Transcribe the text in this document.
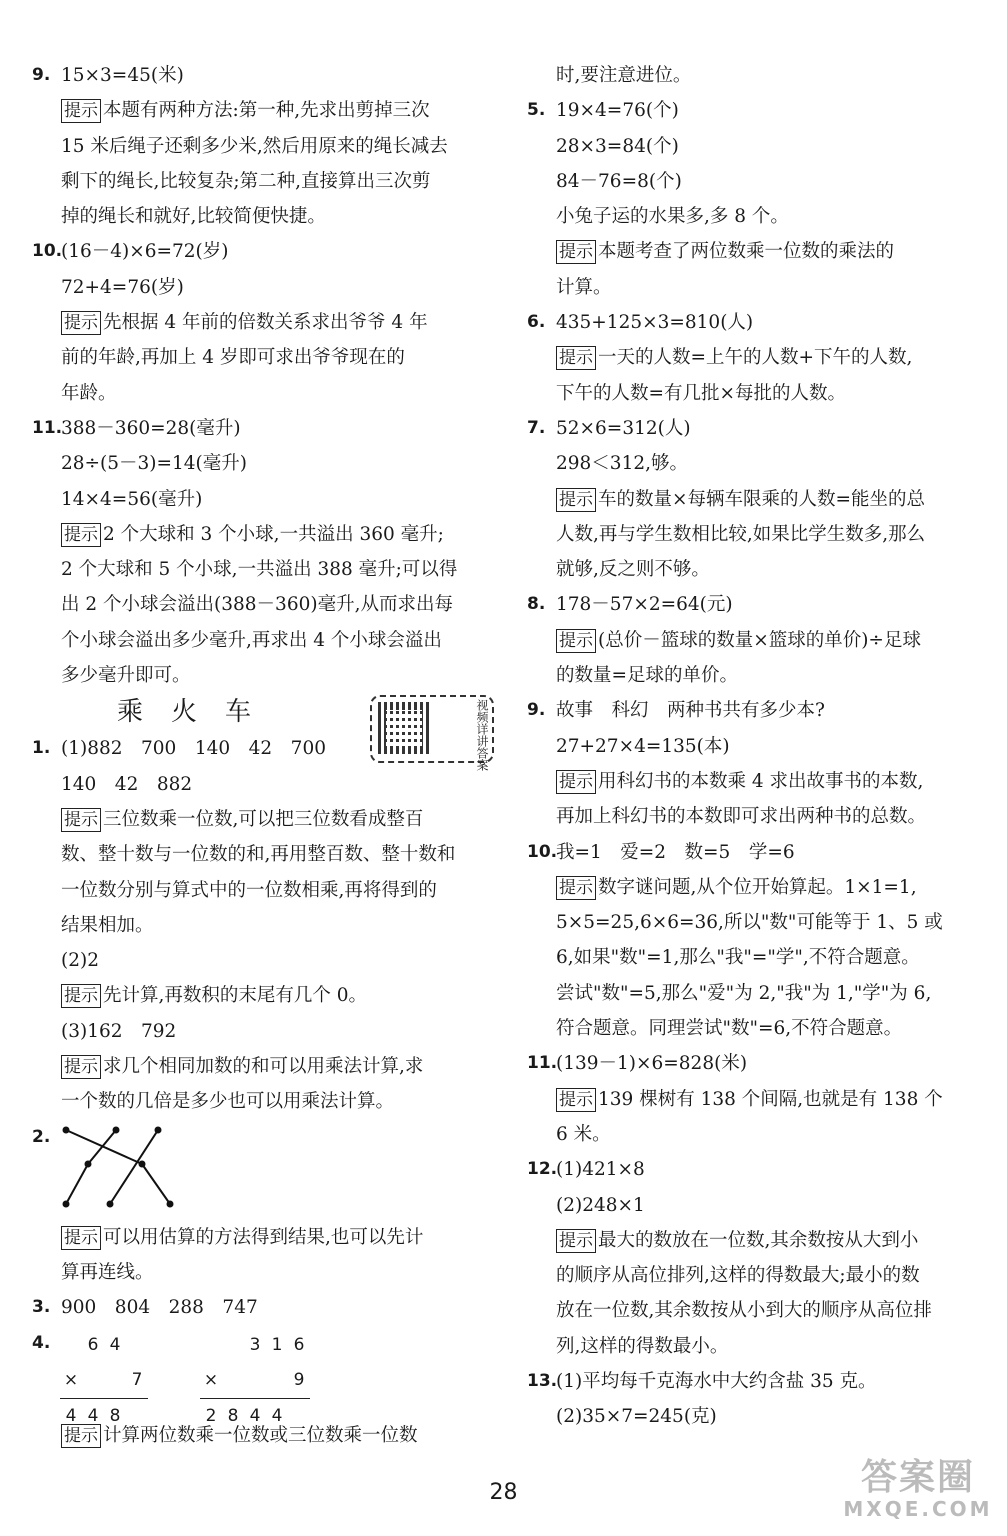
9. 15×3=45(米)
提示 本题有两种方法:第一种,先求出剪掉三次
15 米后绳子还剩多少米,然后用原来的绳长减去
剩下的绳长,比较复杂;第二种,直接算出三次剪
掉的绳长和就好,比较简便快捷。
10.
(16－4)×6=72(岁)
72+4=76(岁)
提示 先根据 4 年前的倍数关系求出爷爷 4 年
前的年龄,再加上 4 岁即可求出爷爷现在的
年龄。
11.
388－360=28(毫升)
28÷(5－3)=14(毫升)
14×4=56(毫升)
提示 2 个大球和 3 个小球,一共溢出 360 毫升;
2 个大球和 5 个小球,一共溢出 388 毫升;可以得
出 2 个小球会溢出(388－360)毫升,从而求出每
个小球会溢出多少毫升,再求出 4 个小球会溢出
多少毫升即可。
乘火车	视频详讲答案
1. (1)882　700　140　42　700
140　42　882
提示 三位数乘一位数,可以把三位数看成整百
数、整十数与一位数的和,再用整百数、整十数和
一位数分别与算式中的一位数相乘,再将得到的
结果相加。
(2)2
提示 先计算,再数积的末尾有几个 0。
(3)162　792
提示 求几个相同加数的和可以用乘法计算,求
一个数的几倍是多少也可以用乘法计算。
2.
提示 可以用估算的方法得到结果,也可以先计
算再连线。
3. 900　804　288　747
4.
	6	4	
×			7
4	4	8	
		3	1	6
×				9
2	8	4	4	
提示 计算两位数乘一位数或三位数乘一位数
时,要注意进位。
5. 19×4=76(个)
28×3=84(个)
84－76=8(个)
小兔子运的水果多,多 8 个。
提示 本题考查了两位数乘一位数的乘法的
计算。
6. 435+125×3=810(人)
提示 一天的人数=上午的人数+下午的人数,
下午的人数=有几批×每批的人数。
7. 52×6=312(人)
298＜312,够。
提示 车的数量×每辆车限乘的人数=能坐的总
人数,再与学生数相比较,如果比学生数多,那么
就够,反之则不够。
8. 178－57×2=64(元)
提示 (总价－篮球的数量×篮球的单价)÷足球
的数量=足球的单价。
9. 故事　科幻　两种书共有多少本?
27+27×4=135(本)
提示 用科幻书的本数乘 4 求出故事书的本数,
再加上科幻书的本数即可求出两种书的总数。
10.
我=1　爱=2　数=5　学=6
提示 数字谜问题,从个位开始算起。1×1=1,
5×5=25,6×6=36,所以"数"可能等于 1、5 或
6,如果"数"=1,那么"我"="学",不符合题意。
尝试"数"=5,那么"爱"为 2,"我"为 1,"学"为 6,
符合题意。同理尝试"数"=6,不符合题意。
11.
(139－1)×6=828(米)
提示 139 棵树有 138 个间隔,也就是有 138 个
6 米。
12.
(1)421×8
(2)248×1
提示 最大的数放在一位数,其余数按从大到小
的顺序从高位排列,这样的得数最大;最小的数
放在一位数,其余数按从小到大的顺序从高位排
列,这样的得数最小。
13.
(1)平均每千克海水中大约含盐 35 克。
(2)35×7=245(克)
28	答案圈
MXQE.COM
